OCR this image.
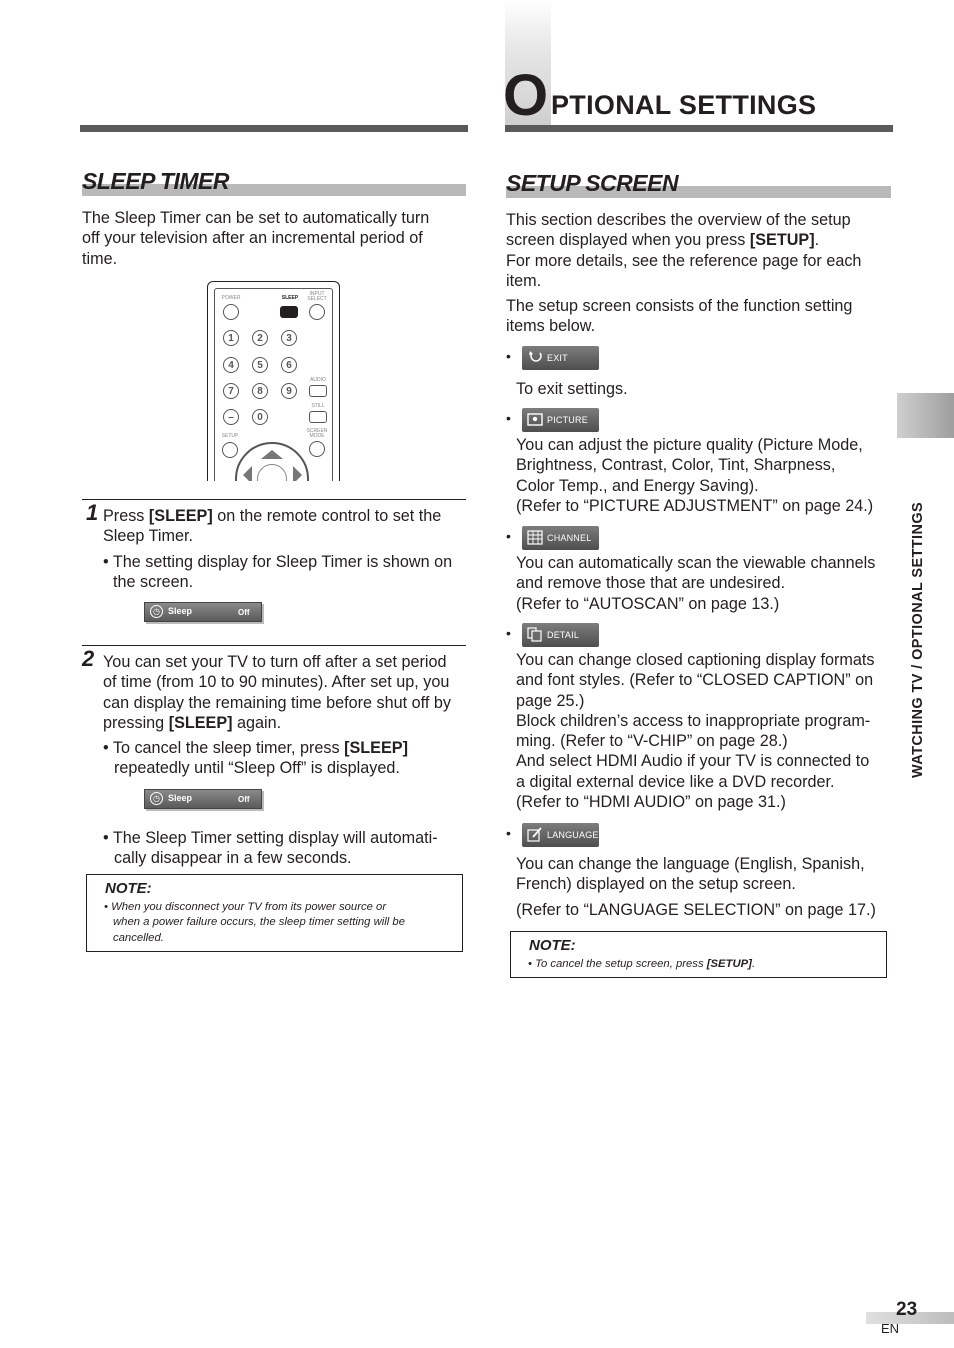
O PTIONAL SETTINGS
SLEEP TIMER
The Sleep Timer can be set to automatically turn
off your television after an incremental period of
time.
POWER	SLEEP
INPUT SELECT
1	2	3
4	5	6
7	8	9
–	0
AUDIO
STILL
SCREEN MODE
SETUP
1 Press [SLEEP] on the remote control to set the
Sleep Timer.
• The setting display for Sleep Timer is shown on
the screen.
◷ Sleep	Off
2 You can set your TV to turn off after a set period
of time (from 10 to 90 minutes). After set up, you
can display the remaining time before shut off by
pressing [SLEEP] again.
• To cancel the sleep timer, press [SLEEP]
repeatedly until “Sleep Off” is displayed.
◷ Sleep	Off
• The Sleep Timer setting display will automati-
cally disappear in a few seconds.
NOTE:
• When you disconnect your TV from its power source or
when a power failure occurs, the sleep timer setting will be
cancelled.
SETUP SCREEN
This section describes the overview of the setup
screen displayed when you press [SETUP].
For more details, see the reference page for each
item.
The setup screen consists of the function setting
items below.
•	EXIT
To exit settings.
•	PICTURE
You can adjust the picture quality (Picture Mode,
Brightness, Contrast, Color, Tint, Sharpness,
Color Temp., and Energy Saving).
(Refer to “PICTURE ADJUSTMENT” on page 24.)
•	CHANNEL
You can automatically scan the viewable channels
and remove those that are undesired.
(Refer to “AUTOSCAN” on page 13.)
•	DETAIL
You can change closed captioning display formats
and font styles. (Refer to “CLOSED CAPTION” on
page 25.)
Block children’s access to inappropriate program-
ming. (Refer to “V-CHIP” on page 28.)
And select HDMI Audio if your TV is connected to
a digital external device like a DVD recorder.
(Refer to “HDMI AUDIO” on page 31.)
•	LANGUAGE
You can change the language (English, Spanish,
French) displayed on the setup screen.
(Refer to “LANGUAGE SELECTION” on page 17.)
NOTE:
• To cancel the setup screen, press [SETUP].
WATCHING TV / OPTIONAL SETTINGS
23
EN
